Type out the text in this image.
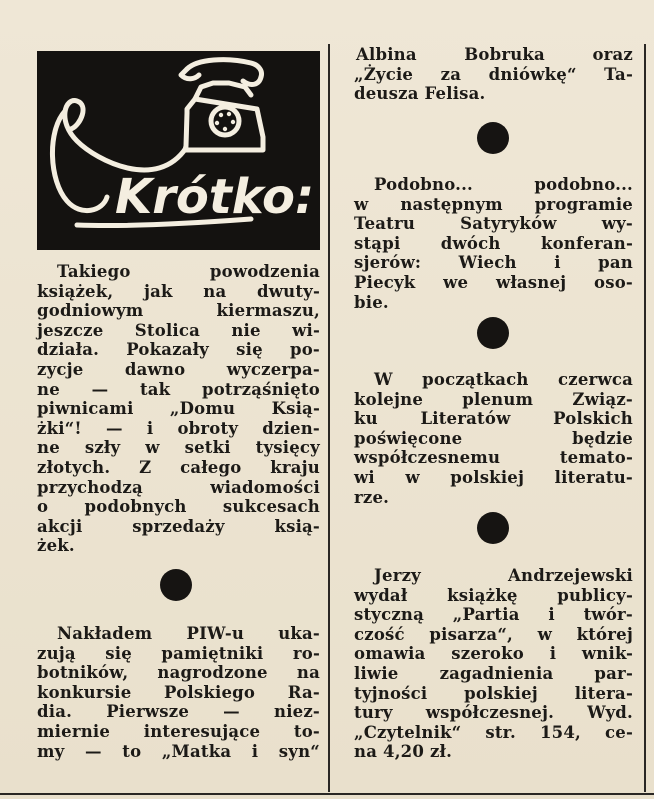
Krótko:
Takiego	powodzenia
książek, jak na dwuty-
godniowym	kiermaszu,
jeszcze Stolica nie wi-
działa. Pokazały się po-
zycje	dawno	wyczerpa-
ne — tak potrząśnięto
piwnicami „Domu Ksią-
żki“! — i obroty dzien-
ne szły w setki tysięcy
złotych. Z całego kraju
przychodzą	wiadomości
o podobnych sukcesach
akcji	sprzedaży	ksią-
żek.
Nakładem PIW-u uka-
zują się pamiętniki ro-
botników, nagrodzone na
konkursie Polskiego Ra-
dia. Pierwsze — niez-
miernie interesujące to-
my — to „Matka i syn“
Albina	Bobruka	oraz
„Życie za dniówkę“ Ta-
deusza Felisa.
Podobno...	podobno...
w następnym programie
Teatru	Satyryków	wy-
stąpi dwóch konferan-
sjerów: Wiech i pan
Piecyk we własnej oso-
bie.
W początkach czerwca
kolejne plenum Związ-
ku	Literatów	Polskich
poświęcone	będzie
współczesnemu	temato-
wi w polskiej literatu-
rze.
Jerzy	Andrzejewski
wydał książkę publicy-
styczną „Partia i twór-
czość pisarza“, w której
omawia szeroko i wnik-
liwie zagadnienia par-
tyjności polskiej litera-
tury współczesnej. Wyd.
„Czytelnik“ str. 154, ce-
na 4,20 zł.
